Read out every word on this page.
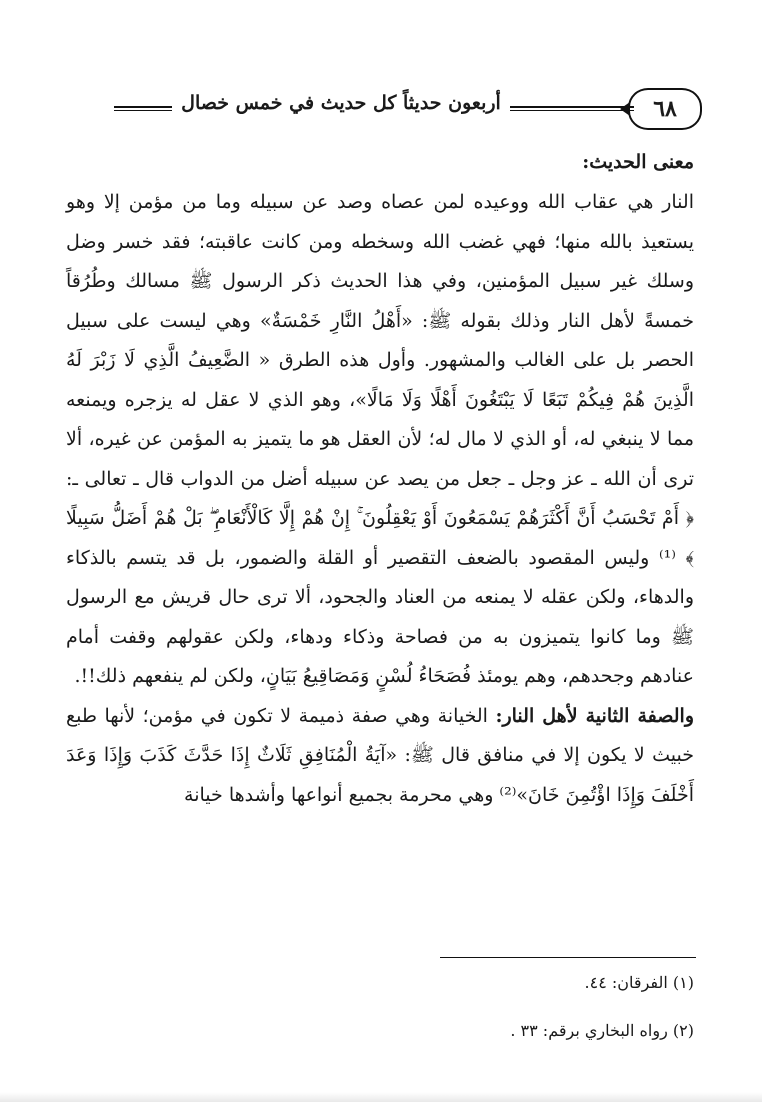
٦٨
أربعون حديثاً كل حديث في خمس خصال
معنى الحديث:

النار هي عقاب الله ووعيده لمن عصاه وصد عن سبيله وما من مؤمن إلا وهو يستعيذ بالله منها؛ فهي غضب الله وسخطه ومن كانت عاقبته؛ فقد خسر وضل وسلك غير سبيل المؤمنين، وفي هذا الحديث ذكر الرسول ﷺ مسالك وطُرُقاً خمسةً لأهل النار وذلك بقوله ﷺ: «أَهْلُ النَّارِ خَمْسَةٌ» وهي ليست على سبيل الحصر بل على الغالب والمشهور. وأول هذه الطرق « الضَّعِيفُ الَّذِي لَا زَبْرَ لَهُ الَّذِينَ هُمْ فِيكُمْ تَبَعًا لَا يَبْتَغُونَ أَهْلًا وَلَا مَالًا»، وهو الذي لا عقل له يزجره ويمنعه مما لا ينبغي له، أو الذي لا مال له؛ لأن العقل هو ما يتميز به المؤمن عن غيره، ألا ترى أن الله ـ عز وجل ـ جعل من يصد عن سبيله أضل من الدواب قال ـ تعالى ـ: ﴿ أَمْ تَحْسَبُ أَنَّ أَكْثَرَهُمْ يَسْمَعُونَ أَوْ يَعْقِلُونَ ۚ إِنْ هُمْ إِلَّا كَالْأَنْعَامِ ۖ بَلْ هُمْ أَضَلُّ سَبِيلًا ﴾ ⁽¹⁾ وليس المقصود بالضعف التقصير أو القلة والضمور، بل قد يتسم بالذكاء والدهاء، ولكن عقله لا يمنعه من العناد والجحود، ألا ترى حال قريش مع الرسول ﷺ وما كانوا يتميزون به من فصاحة وذكاء ودهاء، ولكن عقولهم وقفت أمام عنادهم وجحدهم، وهم يومئذ فُصَحَاءُ لُسْنٍ وَمَصَاقِيعُ بَيَانٍ، ولكن لم ينفعهم ذلك!!.

والصفة الثانية لأهل النار: الخيانة وهي صفة ذميمة لا تكون في مؤمن؛ لأنها طبع خبيث لا يكون إلا في منافق قال ﷺ: «آيَةُ الْمُنَافِقِ ثَلَاثٌ إِذَا حَدَّثَ كَذَبَ وَإِذَا وَعَدَ أَخْلَفَ وَإِذَا اؤْتُمِنَ خَانَ»⁽²⁾ وهي محرمة بجميع أنواعها وأشدها خيانة

(١) الفرقان: ٤٤.
(٢) رواه البخاري برقم: ٣٣ .
